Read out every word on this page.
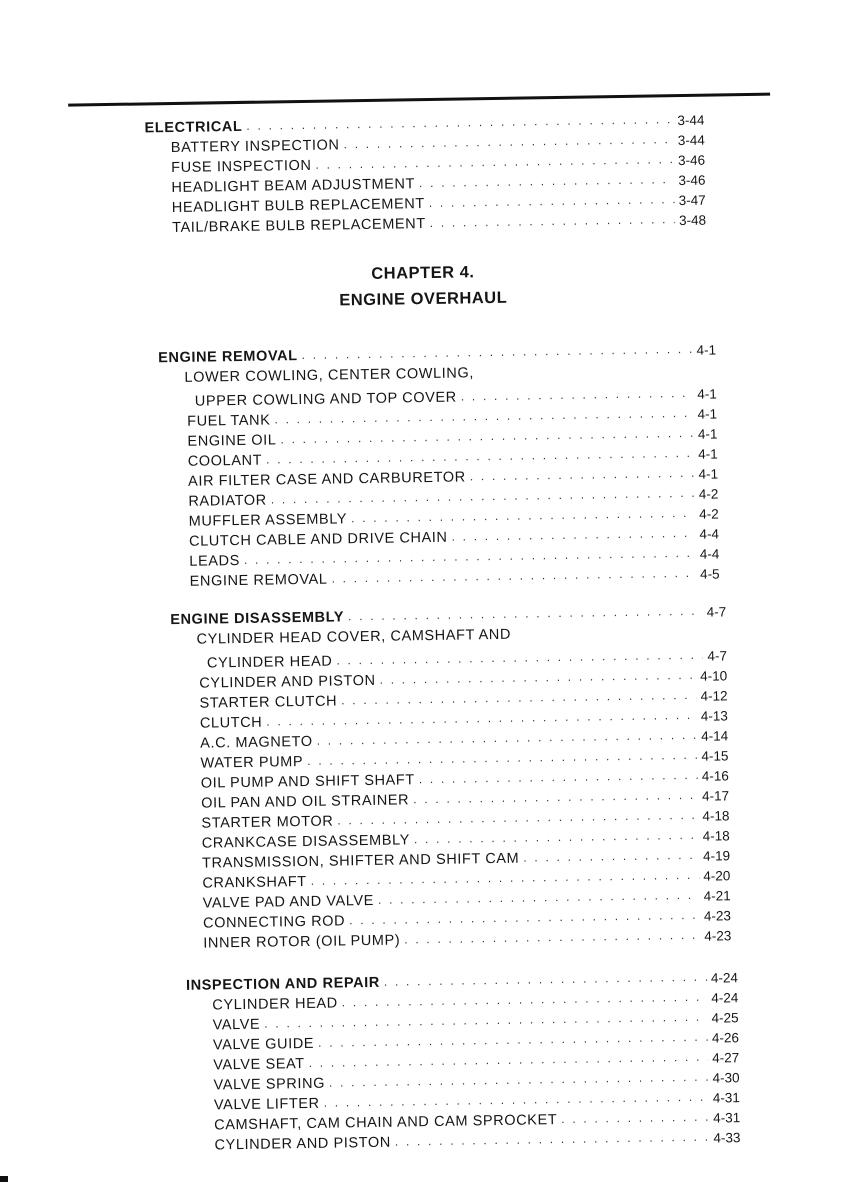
ELECTRICAL . . .	3-44
BATTERY INSPECTION . . .	3-44
FUSE INSPECTION . . .	3-46
HEADLIGHT BEAM ADJUSTMENT . . .	3-46
HEADLIGHT BULB REPLACEMENT . . .	3-47
TAIL/BRAKE BULB REPLACEMENT . . .	3-48
CHAPTER 4.
ENGINE OVERHAUL
ENGINE REMOVAL . . .	4-1
LOWER COWLING, CENTER COWLING,
UPPER COWLING AND TOP COVER . . .	4-1
FUEL TANK . . .	4-1
ENGINE OIL . . .	4-1
COOLANT . . .	4-1
AIR FILTER CASE AND CARBURETOR . . .	4-1
RADIATOR . . .	4-2
MUFFLER ASSEMBLY . . .	4-2
CLUTCH CABLE AND DRIVE CHAIN . . .	4-4
LEADS . . .	4-4
ENGINE REMOVAL . . .	4-5
ENGINE DISASSEMBLY . . .	4-7
CYLINDER HEAD COVER, CAMSHAFT AND
CYLINDER HEAD . . .	4-7
CYLINDER AND PISTON . . .	4-10
STARTER CLUTCH . . .	4-12
CLUTCH . . .	4-13
A.C. MAGNETO . . .	4-14
WATER PUMP . . .	4-15
OIL PUMP AND SHIFT SHAFT . . .	4-16
OIL PAN AND OIL STRAINER . . .	4-17
STARTER MOTOR . . .	4-18
CRANKCASE DISASSEMBLY . . .	4-18
TRANSMISSION, SHIFTER AND SHIFT CAM . . .	4-19
CRANKSHAFT . . .	4-20
VALVE PAD AND VALVE . . .	4-21
CONNECTING ROD . . .	4-23
INNER ROTOR (OIL PUMP) . . .	4-23
INSPECTION AND REPAIR . . .	4-24
CYLINDER HEAD . . .	4-24
VALVE . . .	4-25
VALVE GUIDE . . .	4-26
VALVE SEAT . . .	4-27
VALVE SPRING . . .	4-30
VALVE LIFTER . . .	4-31
CAMSHAFT, CAM CHAIN AND CAM SPROCKET . . .	4-31
CYLINDER AND PISTON . . .	4-33
